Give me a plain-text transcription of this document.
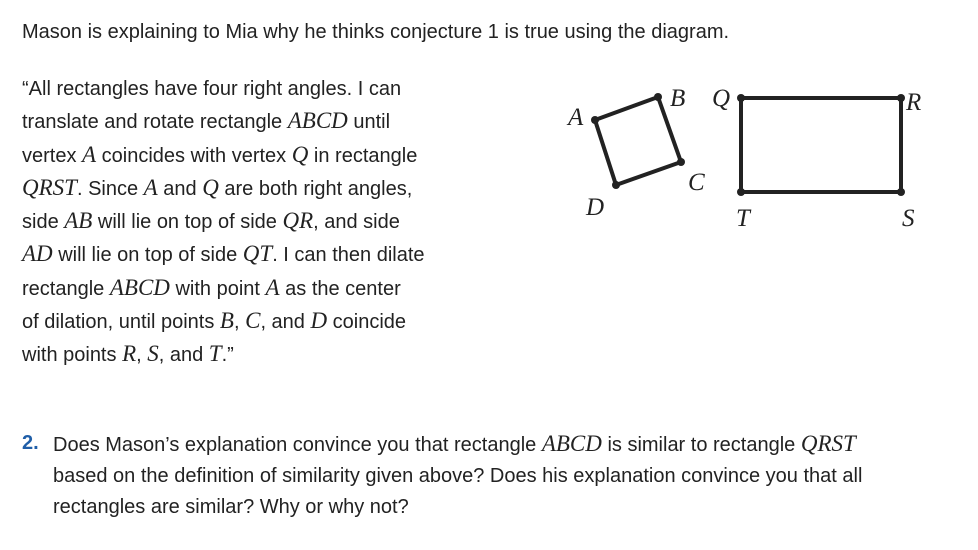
Mason is explaining to Mia why he thinks conjecture 1 is true using the diagram.
“All rectangles have four right angles. I can
translate and rotate rectangle ABCD until
vertex A coincides with vertex Q in rectangle
QRST. Since A and Q are both right angles,
side AB will lie on top of side QR, and side
AD will lie on top of side QT. I can then dilate
rectangle ABCD with point A as the center
of dilation, until points B, C, and D coincide
with points R, S, and T.”
A
B
C
D
Q	R
S
T
2. Does Mason’s explanation convince you that rectangle ABCD is similar to rectangle QRST
based on the definition of similarity given above? Does his explanation convince you that all
rectangles are similar? Why or why not?
